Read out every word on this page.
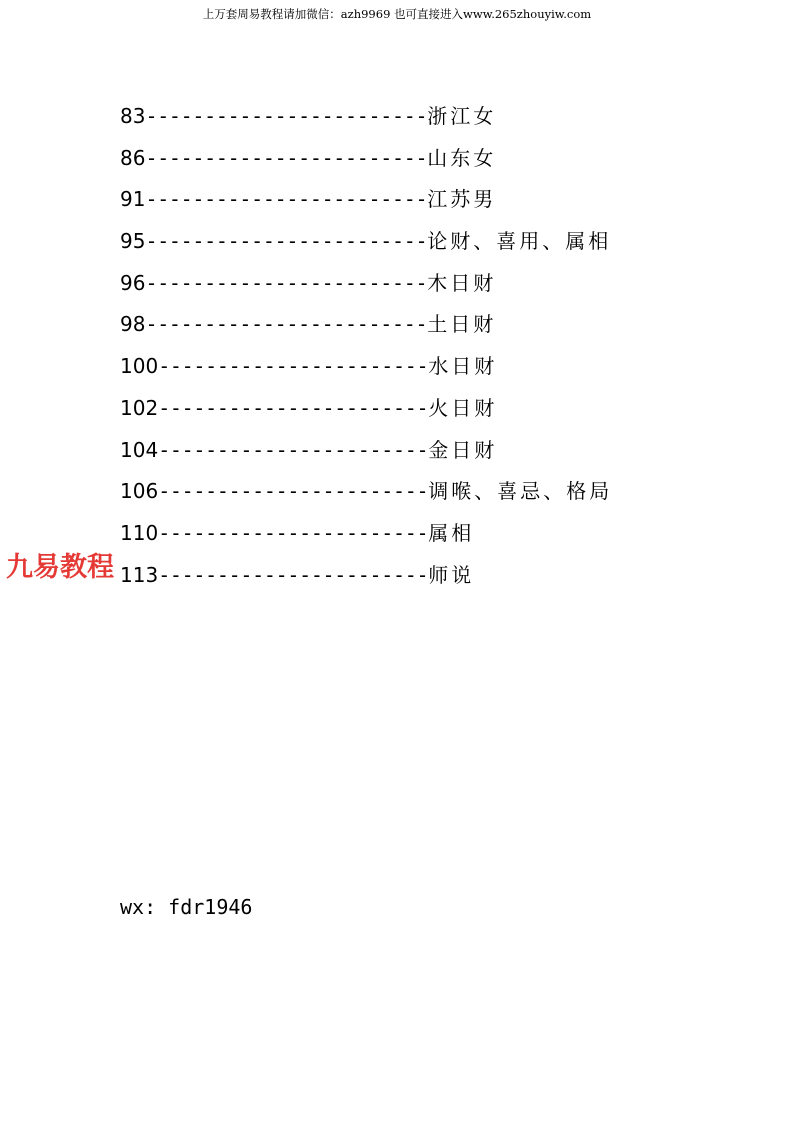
上万套周易教程请加微信：azh9969 也可直接进入www.265zhouyiw.com
83 ------------------------ 浙江女
86 ------------------------ 山东女
91 ------------------------ 江苏男
95 ------------------------ 论财、喜用、属相
96 ------------------------ 木日财
98 ------------------------ 土日财
100 ----------------------- 水日财
102 ----------------------- 火日财
104 ----------------------- 金日财
106 ----------------------- 调喉、喜忌、格局
110 ----------------------- 属相
113 ----------------------- 师说
九易教程
wx: fdr1946
